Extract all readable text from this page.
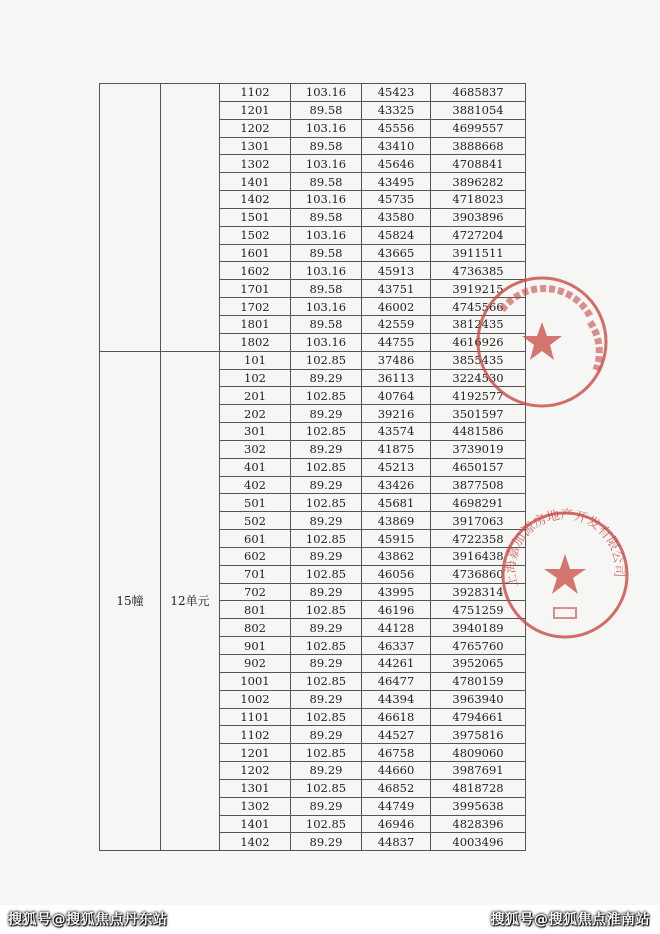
		1102	103.16	45423	4685837
		1201	89.58	43325	3881054
		1202	103.16	45556	4699557
		1301	89.58	43410	3888668
		1302	103.16	45646	4708841
		1401	89.58	43495	3896282
		1402	103.16	45735	4718023
		1501	89.58	43580	3903896
		1502	103.16	45824	4727204
		1601	89.58	43665	3911511
		1602	103.16	45913	4736385
		1701	89.58	43751	3919215
		1702	103.16	46002	4745566
		1801	89.58	42559	3812435
		1802	103.16	44755	4616926
15幢	12单元	101	102.85	37486	3855435
		102	89.29	36113	3224530
		201	102.85	40764	4192577
		202	89.29	39216	3501597
		301	102.85	43574	4481586
		302	89.29	41875	3739019
		401	102.85	45213	4650157
		402	89.29	43426	3877508
		501	102.85	45681	4698291
		502	89.29	43869	3917063
		601	102.85	45915	4722358
		602	89.29	43862	3916438
		701	102.85	46056	4736860
		702	89.29	43995	3928314
		801	102.85	46196	4751259
		802	89.29	44128	3940189
		901	102.85	46337	4765760
		902	89.29	44261	3952065
		1001	102.85	46477	4780159
		1002	89.29	44394	3963940
		1101	102.85	46618	4794661
		1102	89.29	44527	3975816
		1201	102.85	46758	4809060
		1202	89.29	44660	3987691
		1301	102.85	46852	4818728
		1302	89.29	44749	3995638
		1401	102.85	46946	4828396
		1402	89.29	44837	4003496
上海嘉加源房地产开发有限公司
搜狐号@搜狐焦点丹东站	搜狐号@搜狐焦点淮南站
